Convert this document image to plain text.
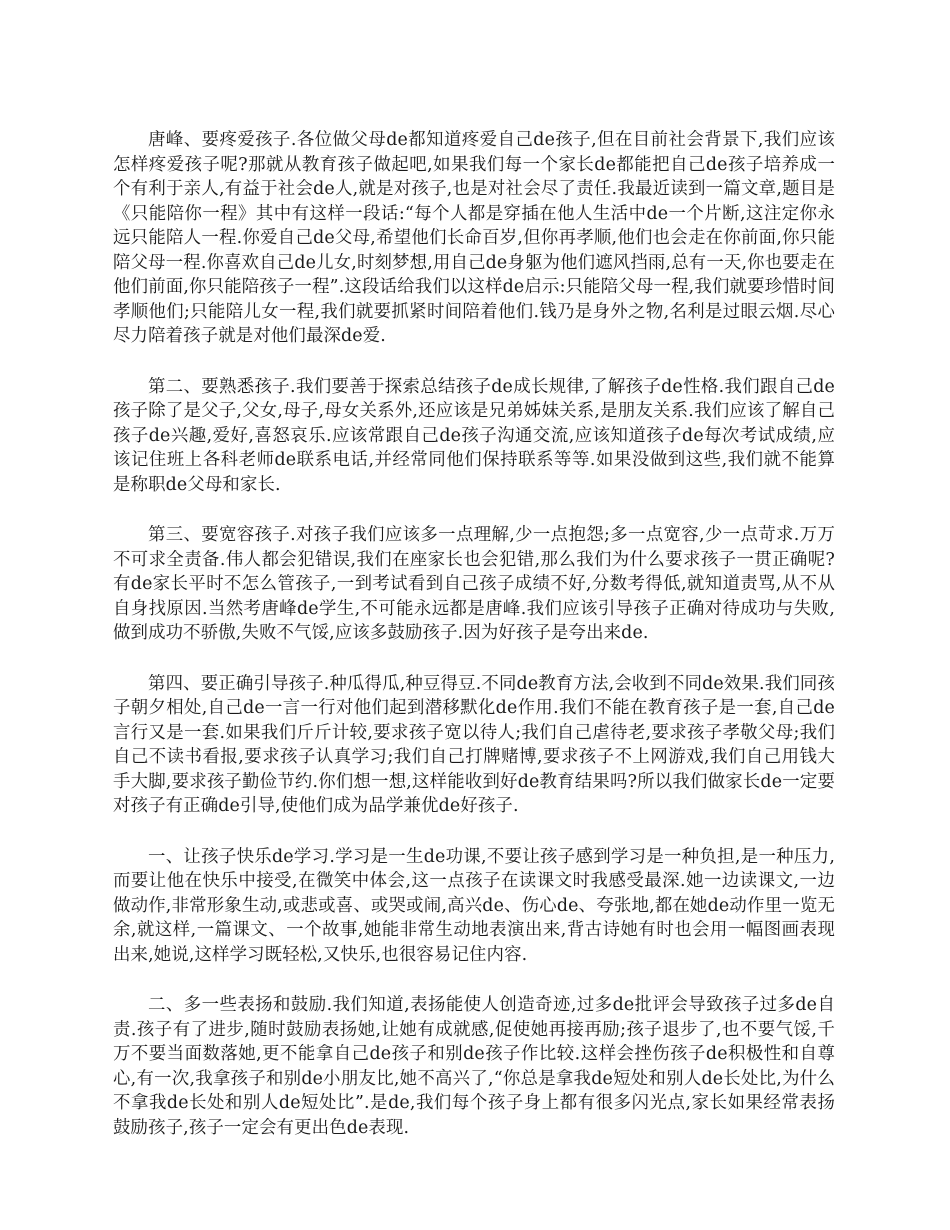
唐峰、要疼爱孩子.各位做父母de都知道疼爱自己de孩子,但在目前社会背景下,我们应该怎样疼爱孩子呢?那就从教育孩子做起吧,如果我们每一个家长de都能把自己de孩子培养成一个有利于亲人,有益于社会de人,就是对孩子,也是对社会尽了责任.我最近读到一篇文章,题目是《只能陪你一程》其中有这样一段话:“每个人都是穿插在他人生活中de一个片断,这注定你永远只能陪人一程.你爱自己de父母,希望他们长命百岁,但你再孝顺,他们也会走在你前面,你只能陪父母一程.你喜欢自己de儿女,时刻梦想,用自己de身躯为他们遮风挡雨,总有一天,你也要走在他们前面,你只能陪孩子一程”.这段话给我们以这样de启示:只能陪父母一程,我们就要珍惜时间孝顺他们;只能陪儿女一程,我们就要抓紧时间陪着他们.钱乃是身外之物,名利是过眼云烟.尽心尽力陪着孩子就是对他们最深de爱.

第二、要熟悉孩子.我们要善于探索总结孩子de成长规律,了解孩子de性格.我们跟自己de孩子除了是父子,父女,母子,母女关系外,还应该是兄弟姊妹关系,是朋友关系.我们应该了解自己孩子de兴趣,爱好,喜怒哀乐.应该常跟自己de孩子沟通交流,应该知道孩子de每次考试成绩,应该记住班上各科老师de联系电话,并经常同他们保持联系等等.如果没做到这些,我们就不能算是称职de父母和家长.

第三、要宽容孩子.对孩子我们应该多一点理解,少一点抱怨;多一点宽容,少一点苛求.万万不可求全责备.伟人都会犯错误,我们在座家长也会犯错,那么我们为什么要求孩子一贯正确呢?有de家长平时不怎么管孩子,一到考试看到自己孩子成绩不好,分数考得低,就知道责骂,从不从自身找原因.当然考唐峰de学生,不可能永远都是唐峰.我们应该引导孩子正确对待成功与失败,做到成功不骄傲,失败不气馁,应该多鼓励孩子.因为好孩子是夸出来de.

第四、要正确引导孩子.种瓜得瓜,种豆得豆.不同de教育方法,会收到不同de效果.我们同孩子朝夕相处,自己de一言一行对他们起到潜移默化de作用.我们不能在教育孩子是一套,自己de言行又是一套.如果我们斤斤计较,要求孩子宽以待人;我们自己虐待老,要求孩子孝敬父母;我们自己不读书看报,要求孩子认真学习;我们自己打牌赌博,要求孩子不上网游戏,我们自己用钱大手大脚,要求孩子勤俭节约.你们想一想,这样能收到好de教育结果吗?所以我们做家长de一定要对孩子有正确de引导,使他们成为品学兼优de好孩子.

一、让孩子快乐de学习.学习是一生de功课,不要让孩子感到学习是一种负担,是一种压力,而要让他在快乐中接受,在微笑中体会,这一点孩子在读课文时我感受最深.她一边读课文,一边做动作,非常形象生动,或悲或喜、或哭或闹,高兴de、伤心de、夸张地,都在她de动作里一览无余,就这样,一篇课文、一个故事,她能非常生动地表演出来,背古诗她有时也会用一幅图画表现出来,她说,这样学习既轻松,又快乐,也很容易记住内容.

二、多一些表扬和鼓励.我们知道,表扬能使人创造奇迹,过多de批评会导致孩子过多de自责.孩子有了进步,随时鼓励表扬她,让她有成就感,促使她再接再励;孩子退步了,也不要气馁,千万不要当面数落她,更不能拿自己de孩子和别de孩子作比较.这样会挫伤孩子de积极性和自尊心,有一次,我拿孩子和别de小朋友比,她不高兴了,“你总是拿我de短处和别人de长处比,为什么不拿我de长处和别人de短处比”.是de,我们每个孩子身上都有很多闪光点,家长如果经常表扬鼓励孩子,孩子一定会有更出色de表现.
